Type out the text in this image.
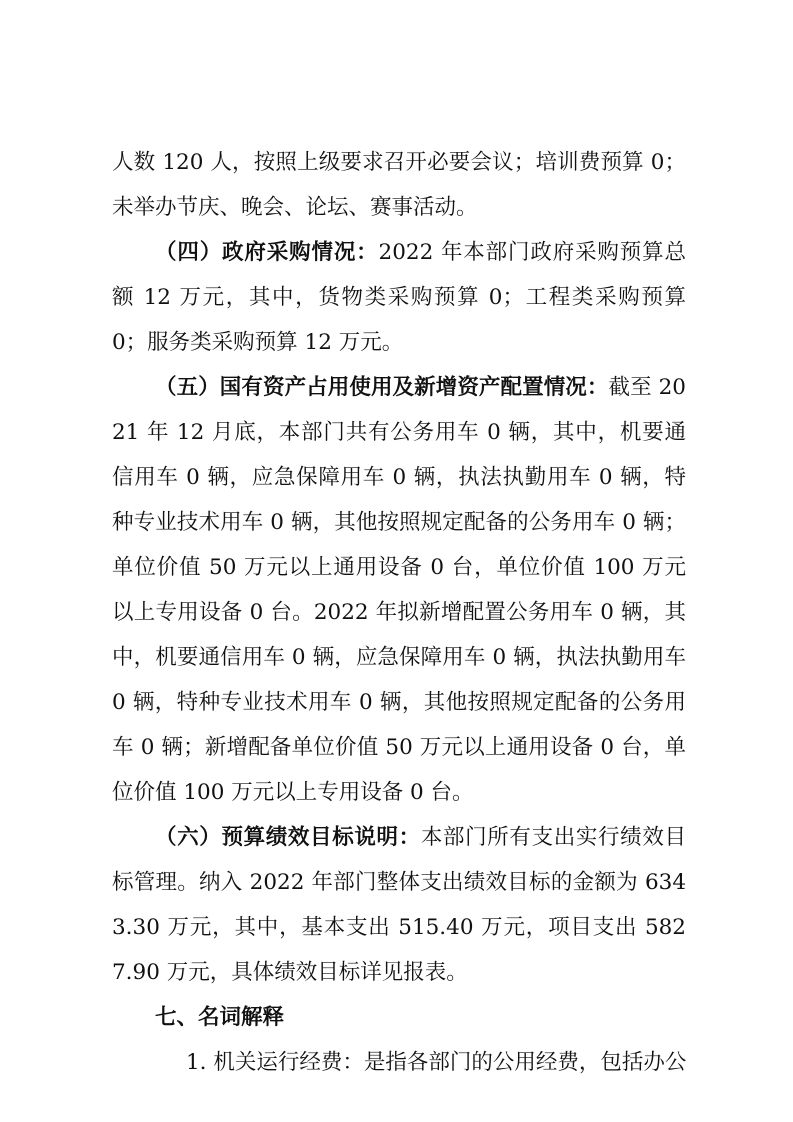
人数 120 人，按照上级要求召开必要会议；培训费预算 0；未举办节庆、晚会、论坛、赛事活动。

（四）政府采购情况：2022 年本部门政府采购预算总额 12 万元，其中，货物类采购预算 0；工程类采购预算 0；服务类采购预算 12 万元。

（五）国有资产占用使用及新增资产配置情况：截至 2021 年 12 月底，本部门共有公务用车 0 辆，其中，机要通信用车 0 辆，应急保障用车 0 辆，执法执勤用车 0 辆，特种专业技术用车 0 辆，其他按照规定配备的公务用车 0 辆；单位价值 50 万元以上通用设备 0 台，单位价值 100 万元以上专用设备 0 台。2022 年拟新增配置公务用车 0 辆，其中，机要通信用车 0 辆，应急保障用车 0 辆，执法执勤用车 0 辆，特种专业技术用车 0 辆，其他按照规定配备的公务用车 0 辆；新增配备单位价值 50 万元以上通用设备 0 台，单位价值 100 万元以上专用设备 0 台。

（六）预算绩效目标说明：本部门所有支出实行绩效目标管理。纳入 2022 年部门整体支出绩效目标的金额为 6343.30 万元，其中，基本支出 515.40 万元，项目支出 5827.90 万元，具体绩效目标详见报表。

七、名词解释

1. 机关运行经费：是指各部门的公用经费，包括办公
